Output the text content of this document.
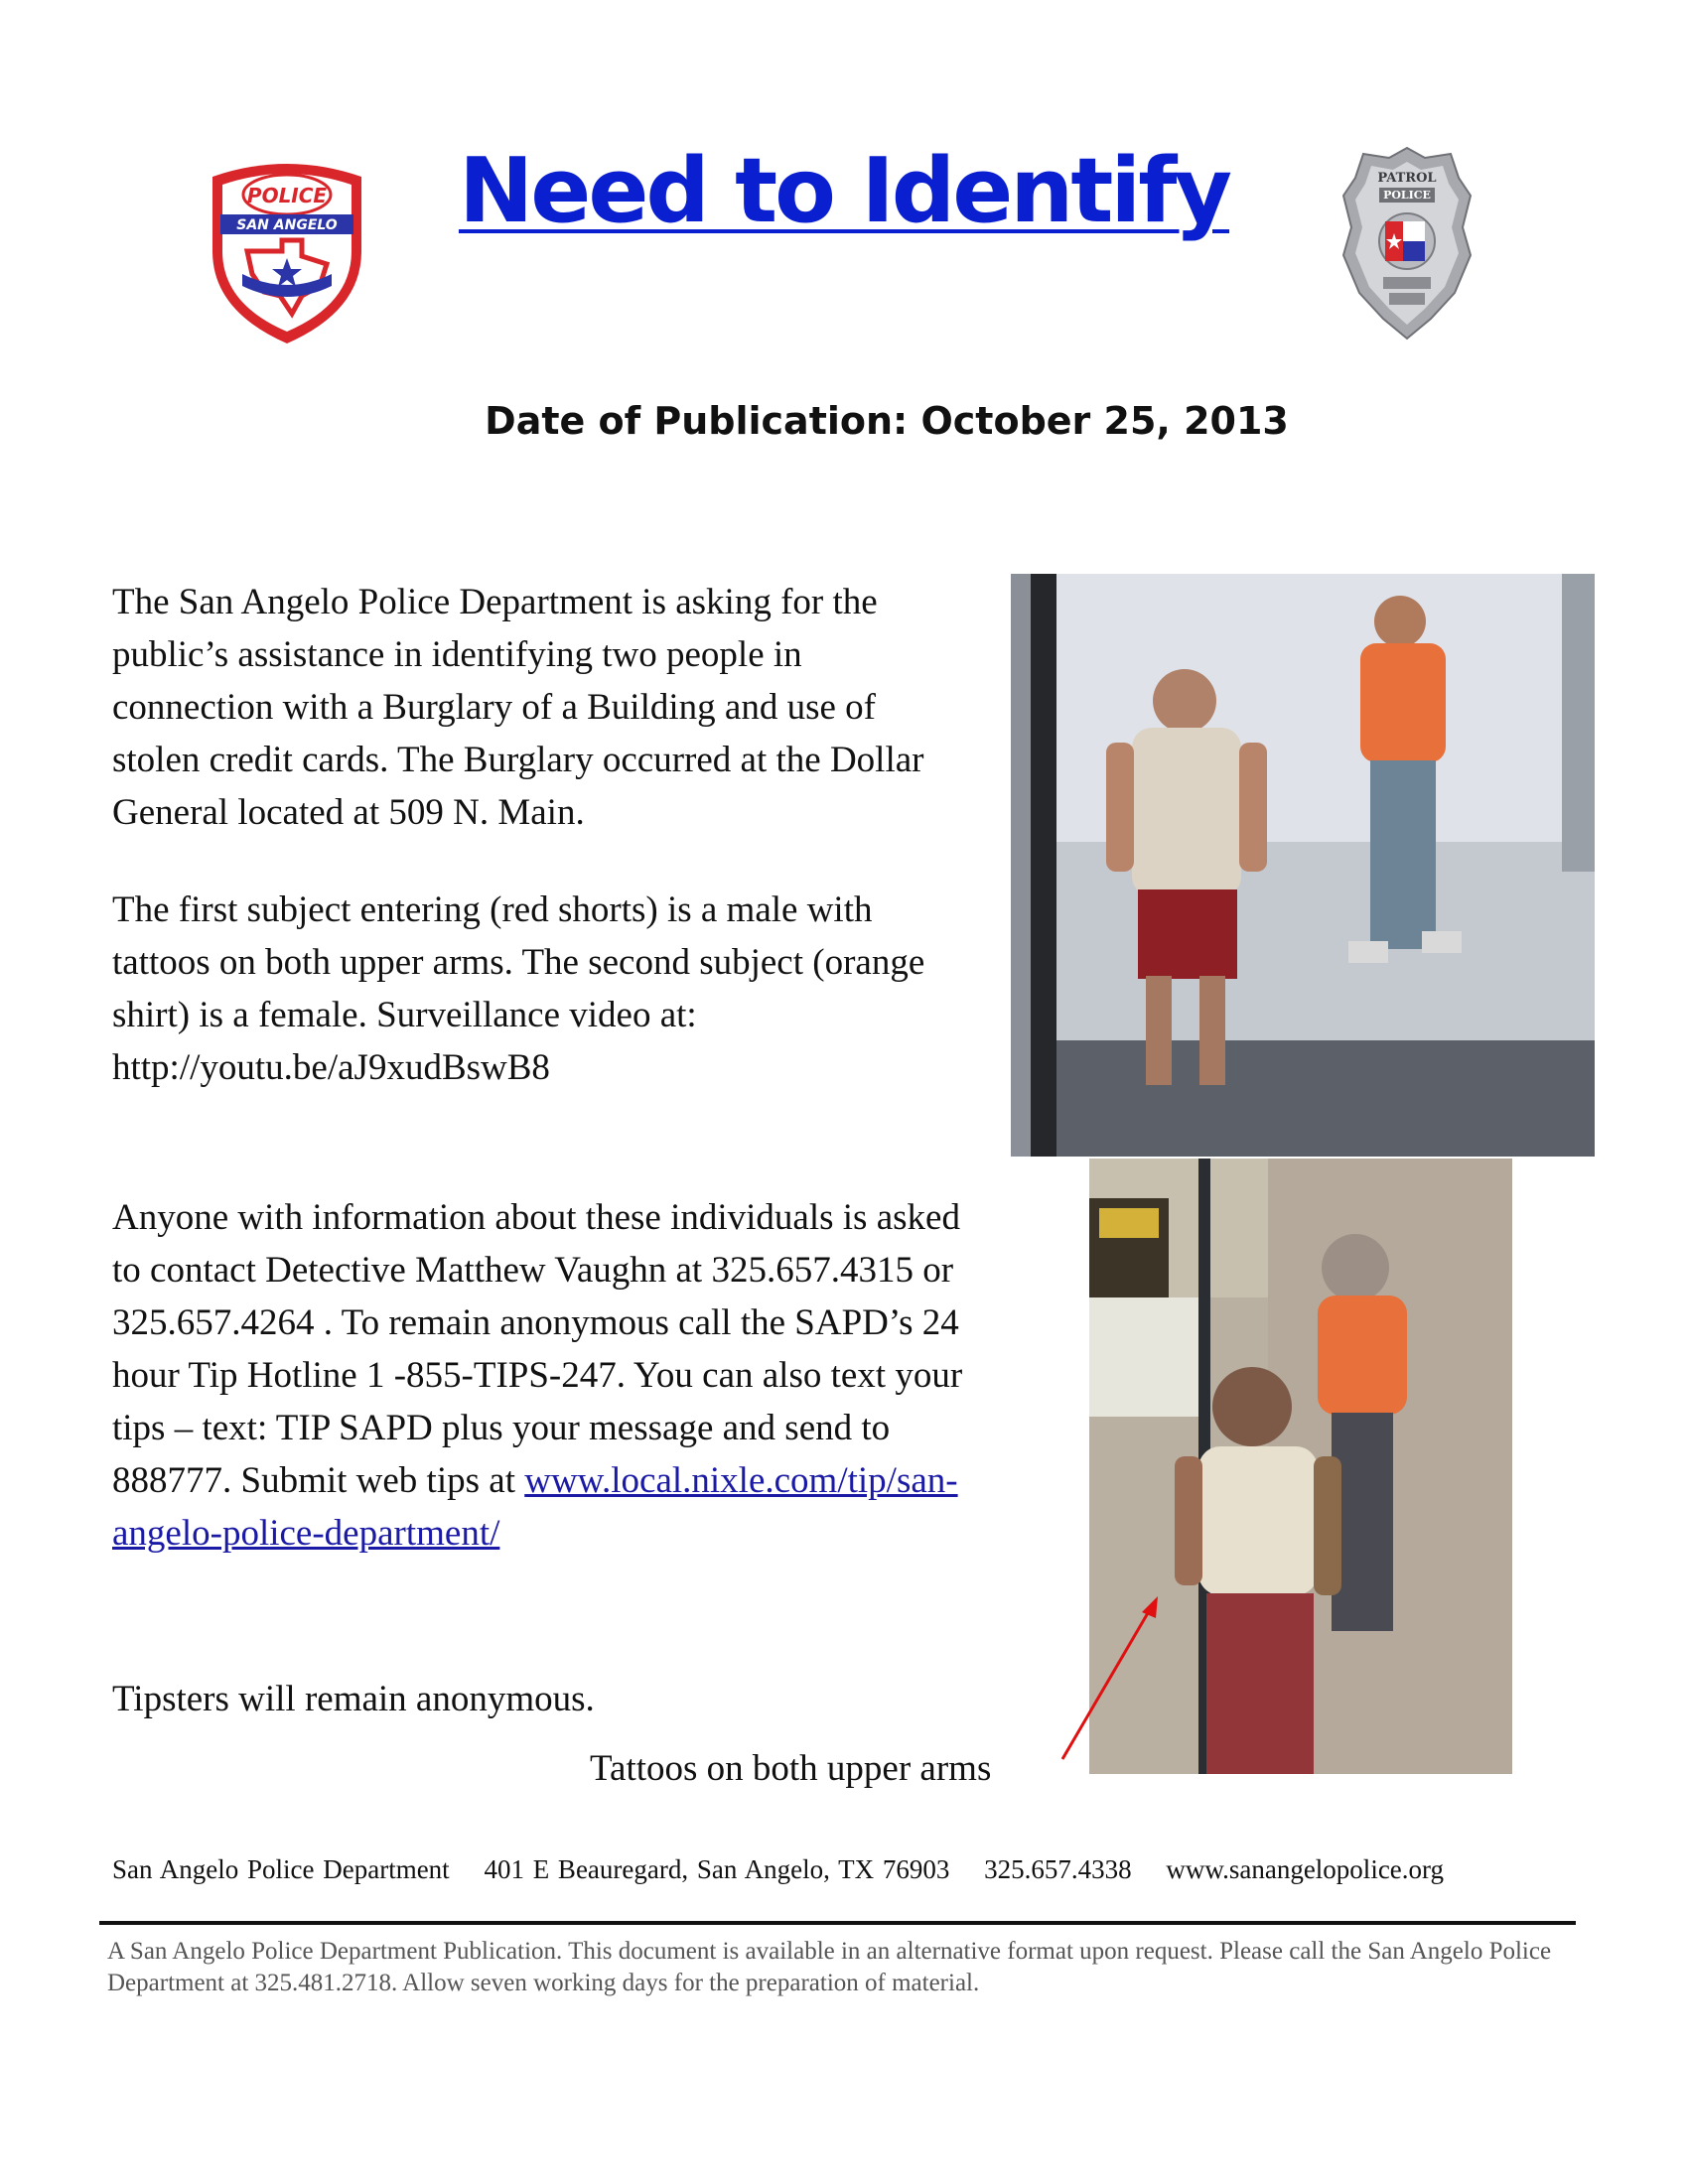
POLICE
SAN ANGELO	Need to Identify	PATROL
POLICE
Date of Publication: October 25, 2013
The San Angelo Police Department is asking for the public’s assistance in identifying two people in connection with a Burglary of a Building and use of stolen credit cards. The Burglary occurred at the Dollar General located at 509 N. Main.
The first subject entering (red shorts) is a male with tattoos on both upper arms. The second subject (orange shirt) is a female. Surveillance video at: http://youtu.be/aJ9xudBswB8
Anyone with information about these individuals is asked to contact Detective Matthew Vaughn at 325.657.4315 or 325.657.4264 . To remain anonymous call the SAPD’s 24 hour Tip Hotline 1 -855-TIPS-247. You can also text your tips – text: TIP SAPD plus your message and send to 888777. Submit web tips at www.local.nixle.com/tip/san-angelo-police-department/
Tipsters will remain anonymous.
Tattoos on both upper arms
San Angelo Police Department 401 E Beauregard, San Angelo, TX 76903 325.657.4338 www.sanangelopolice.org
A San Angelo Police Department Publication. This document is available in an alternative format upon request. Please call the San Angelo Police Department at 325.481.2718. Allow seven working days for the preparation of material.
